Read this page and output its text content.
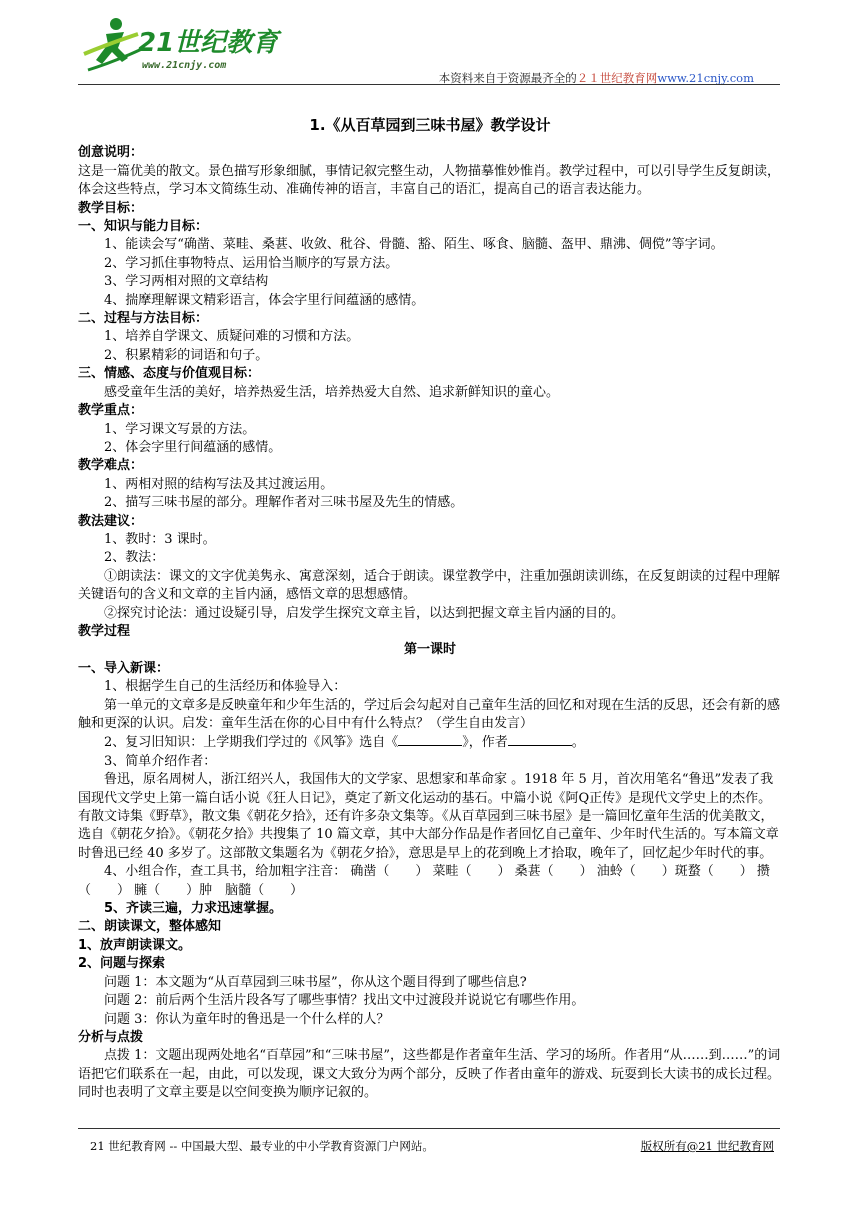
21世纪教育
www.21cnjy.com
本资料来自于资源最齐全的２１世纪教育网www.21cnjy.com
1.《从百草园到三味书屋》教学设计

创意说明：

这是一篇优美的散文。景色描写形象细腻，事情记叙完整生动，人物描摹惟妙惟肖。教学过程中，可以引导学生反复朗读，体会这些特点，学习本文简练生动、准确传神的语言，丰富自己的语汇，提高自己的语言表达能力。

教学目标：

一、知识与能力目标：

1、能读会写“确凿、菜畦、桑葚、收敛、秕谷、骨髓、豁、陌生、啄食、脑髓、盔甲、鼎沸、倜傥”等字词。

2、学习抓住事物特点、运用恰当顺序的写景方法。

3、学习两相对照的文章结构

4、揣摩理解课文精彩语言，体会字里行间蕴涵的感情。

二、过程与方法目标：

1、培养自学课文、质疑问难的习惯和方法。

2、积累精彩的词语和句子。

三、情感、态度与价值观目标：

感受童年生活的美好，培养热爱生活，培养热爱大自然、追求新鲜知识的童心。

教学重点：

1、学习课文写景的方法。

2、体会字里行间蕴涵的感情。

教学难点：

1、两相对照的结构写法及其过渡运用。

2、描写三味书屋的部分。理解作者对三味书屋及先生的情感。

教法建议：

1、教时：3 课时。

2、教法：

①朗读法：课文的文字优美隽永、寓意深刻，适合于朗读。课堂教学中，注重加强朗读训练，在反复朗读的过程中理解关键语句的含义和文章的主旨内涵，感悟文章的思想感情。

②探究讨论法：通过设疑引导，启发学生探究文章主旨，以达到把握文章主旨内涵的目的。

教学过程

第一课时

一、导入新课：

1、根据学生自己的生活经历和体验导入：

第一单元的文章多是反映童年和少年生活的，学过后会勾起对自己童年生活的回忆和对现在生活的反思，还会有新的感触和更深的认识。启发：童年生活在你的心目中有什么特点？（学生自由发言）

2、复习旧知识：上学期我们学过的《风筝》选自《	》，作者	。

3、简单介绍作者：

鲁迅，原名周树人，浙江绍兴人，我国伟大的文学家、思想家和革命家 。1918 年 5 月，首次用笔名“鲁迅”发表了我国现代文学史上第一篇白话小说《狂人日记》，奠定了新文化运动的基石。中篇小说《阿Q正传》是现代文学史上的杰作。有散文诗集《野草》，散文集《朝花夕拾》，还有许多杂文集等。《从百草园到三味书屋》是一篇回忆童年生活的优美散文，选自《朝花夕拾》。《朝花夕拾》共搜集了 10 篇文章，其中大部分作品是作者回忆自己童年、少年时代生活的。写本篇文章时鲁迅已经 40 多岁了。这部散文集题名为《朝花夕拾》，意思是早上的花到晚上才拾取，晚年了，回忆起少年时代的事。

4、小组合作，查工具书，给加粗字注音： 确凿（　　） 菜畦（　　） 桑葚（　　） 油蛉（　　）斑蝥（　　） 攒（　　） 臃（　　）肿　脑髓（　　）

5、齐读三遍，力求迅速掌握。

二、朗读课文，整体感知

1、放声朗读课文。

2、问题与探索

问题 1：本文题为“从百草园到三味书屋”，你从这个题目得到了哪些信息?

问题 2：前后两个生活片段各写了哪些事情？找出文中过渡段并说说它有哪些作用。

问题 3：你认为童年时的鲁迅是一个什么样的人？

分析与点拨

点拨 1：文题出现两处地名“百草园”和“三味书屋”，这些都是作者童年生活、学习的场所。作者用“从……到……”的词语把它们联系在一起，由此，可以发现，课文大致分为两个部分，反映了作者由童年的游戏、玩耍到长大读书的成长过程。同时也表明了文章主要是以空间变换为顺序记叙的。

21 世纪教育网 -- 中国最大型、最专业的中小学教育资源门户网站。	版权所有@21 世纪教育网
